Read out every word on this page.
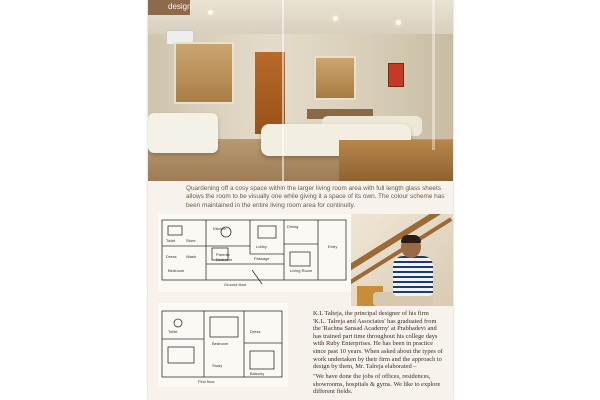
design

Quardening off a cosy space within the larger living room area with full length glass sheets allows the room to be visually one while giving it a space of its own. The colour scheme has been maintained in the entire living room area for continuity.

Kitchen	Dining
Parents Bedroom
Living Room
Entry
Passage
Ground floor
Toilet	Store
Dress Wash
Lobby
Bedroom
Bedroom
Toilet	Dress
Study
Balcony
First floor

K.L Talteja, the principal designer of his firm 'K.L. Talreja and Associates' has graduated from the 'Rachna Sansad Academy' at Prabhadevi and has trained part time throughout his college days with Ruby Enterprises. He has been in practice since past 10 years. When asked about the types of work undertaken by their firm and the approach to design by them, Mr. Talreja elaborated –

"We have done the jobs of offices, residences, showrooms, hospitals & gyms. We like to explore different fields.
